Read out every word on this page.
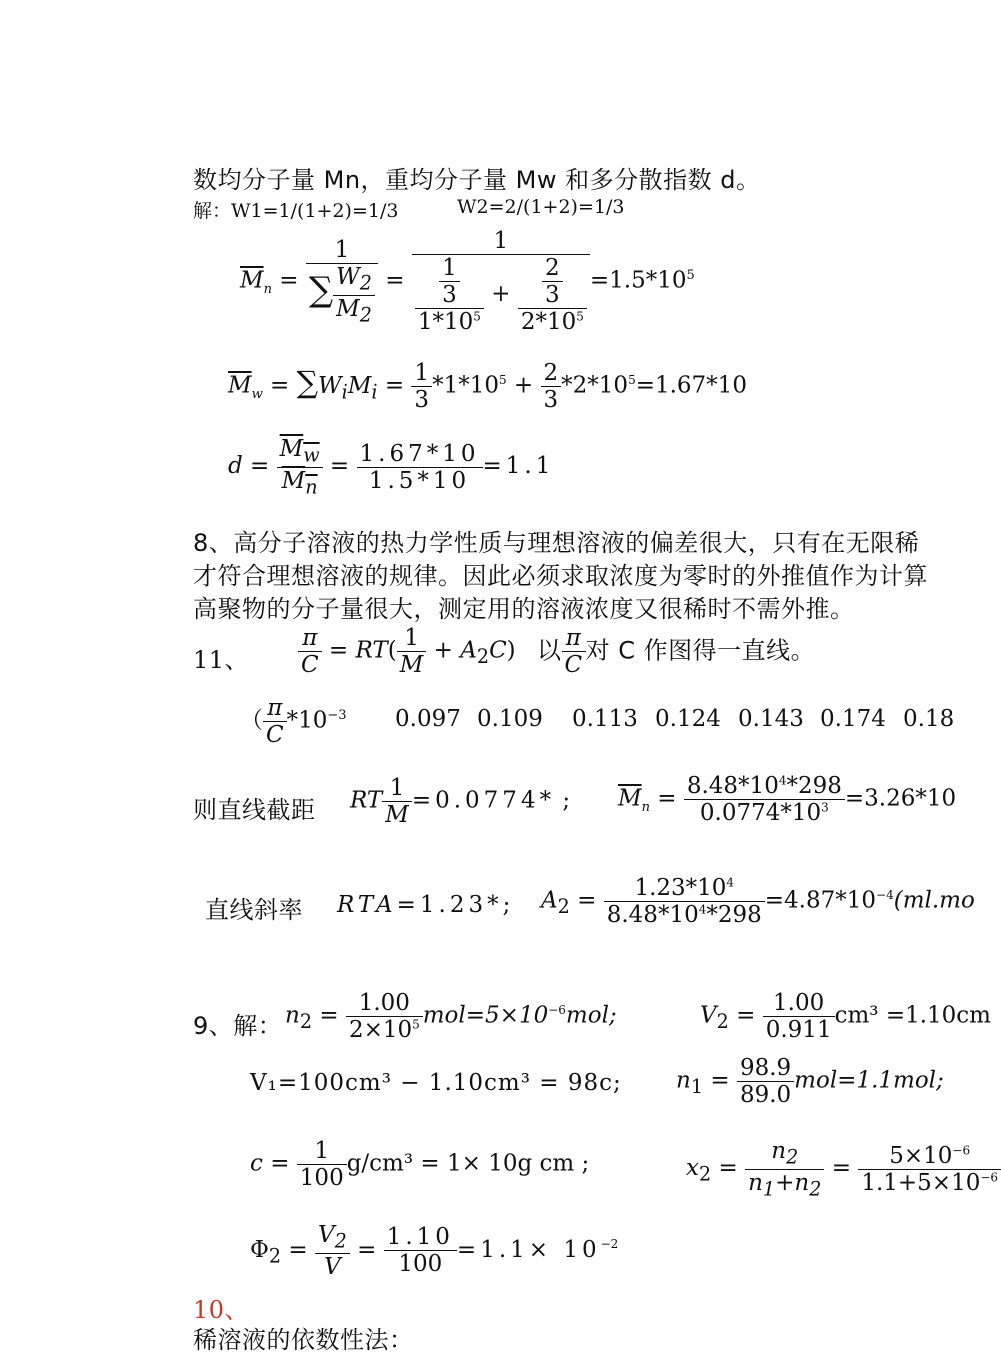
数均分子量 Mn，重均分子量 Mw 和多分散指数 d。
解：W1=1/(1+2)=1/3	W2=2/(1+2)=1/3
$\overline{M}_n = \frac{1}{\sum \frac{W_2}{M_2}} = \frac{1}{\frac{\frac{1}{3}}{1*10^5} + \frac{\frac{2}{3}}{2*10^5}} =1.5*10^5$
$\overline{M}_w = \sum W_iM_i = \frac{1}{3} *1*10^5 + \frac{2}{3} *2*10^5=1.67*10$
$d = \frac{M_w}{M_n} = \frac{1.67*10}{1.5*10} =1.1$
8、高分子溶液的热力学性质与理想溶液的偏差很大，只有在无限稀
才符合理想溶液的规律。因此必须求取浓度为零时的外推值作为计算
高聚物的分子量很大，测定用的溶液浓度又很稀时不需外推。
11、 $\frac{\pi}{C} = RT( \frac{1}{M} + A_2C)$ 以 $\frac{\pi}{C}$ 对 C 作图得一直线。
（ $\frac{\pi}{C} *10^{-3}$ 0.097 0.109 0.113 0.124 0.143 0.174 0.18
则直线截距 RT $\frac{1}{M} =0.0774*$ ; $\overline{M}_n = \frac{8.48*10^4*298}{0.0774*10^3} =3.26*10$
直线斜率 RTA=1.23*; $A_2 = \frac{1.23*10^4}{8.48*10^4*298} =4.87*10^{-4}(ml.mo$
9、解： $n_2 = \frac{1.00}{2\times 10^5} mol=5\times 10^{-6}mol$;	$V_2 = \frac{1.00}{0.911} cm^3 =1.10cm$
V₁=100cm³ − 1.10cm³ = 98c; $n_1 = \frac{98.9}{89.0} mol=1.1mol$;
$c = \frac{1}{100} g/cm^3 = 1\times 10g$ cm ;	$x_2 = \frac{n_2}{n_1+n_2} = \frac{5\times 10^{-6}}{1.1+5\times 10^{-6}}$
$\Phi_2 = \frac{V_2}{V} = \frac{1.10}{100} =1.1\times 10^{-2}$
10、
稀溶液的依数性法：
